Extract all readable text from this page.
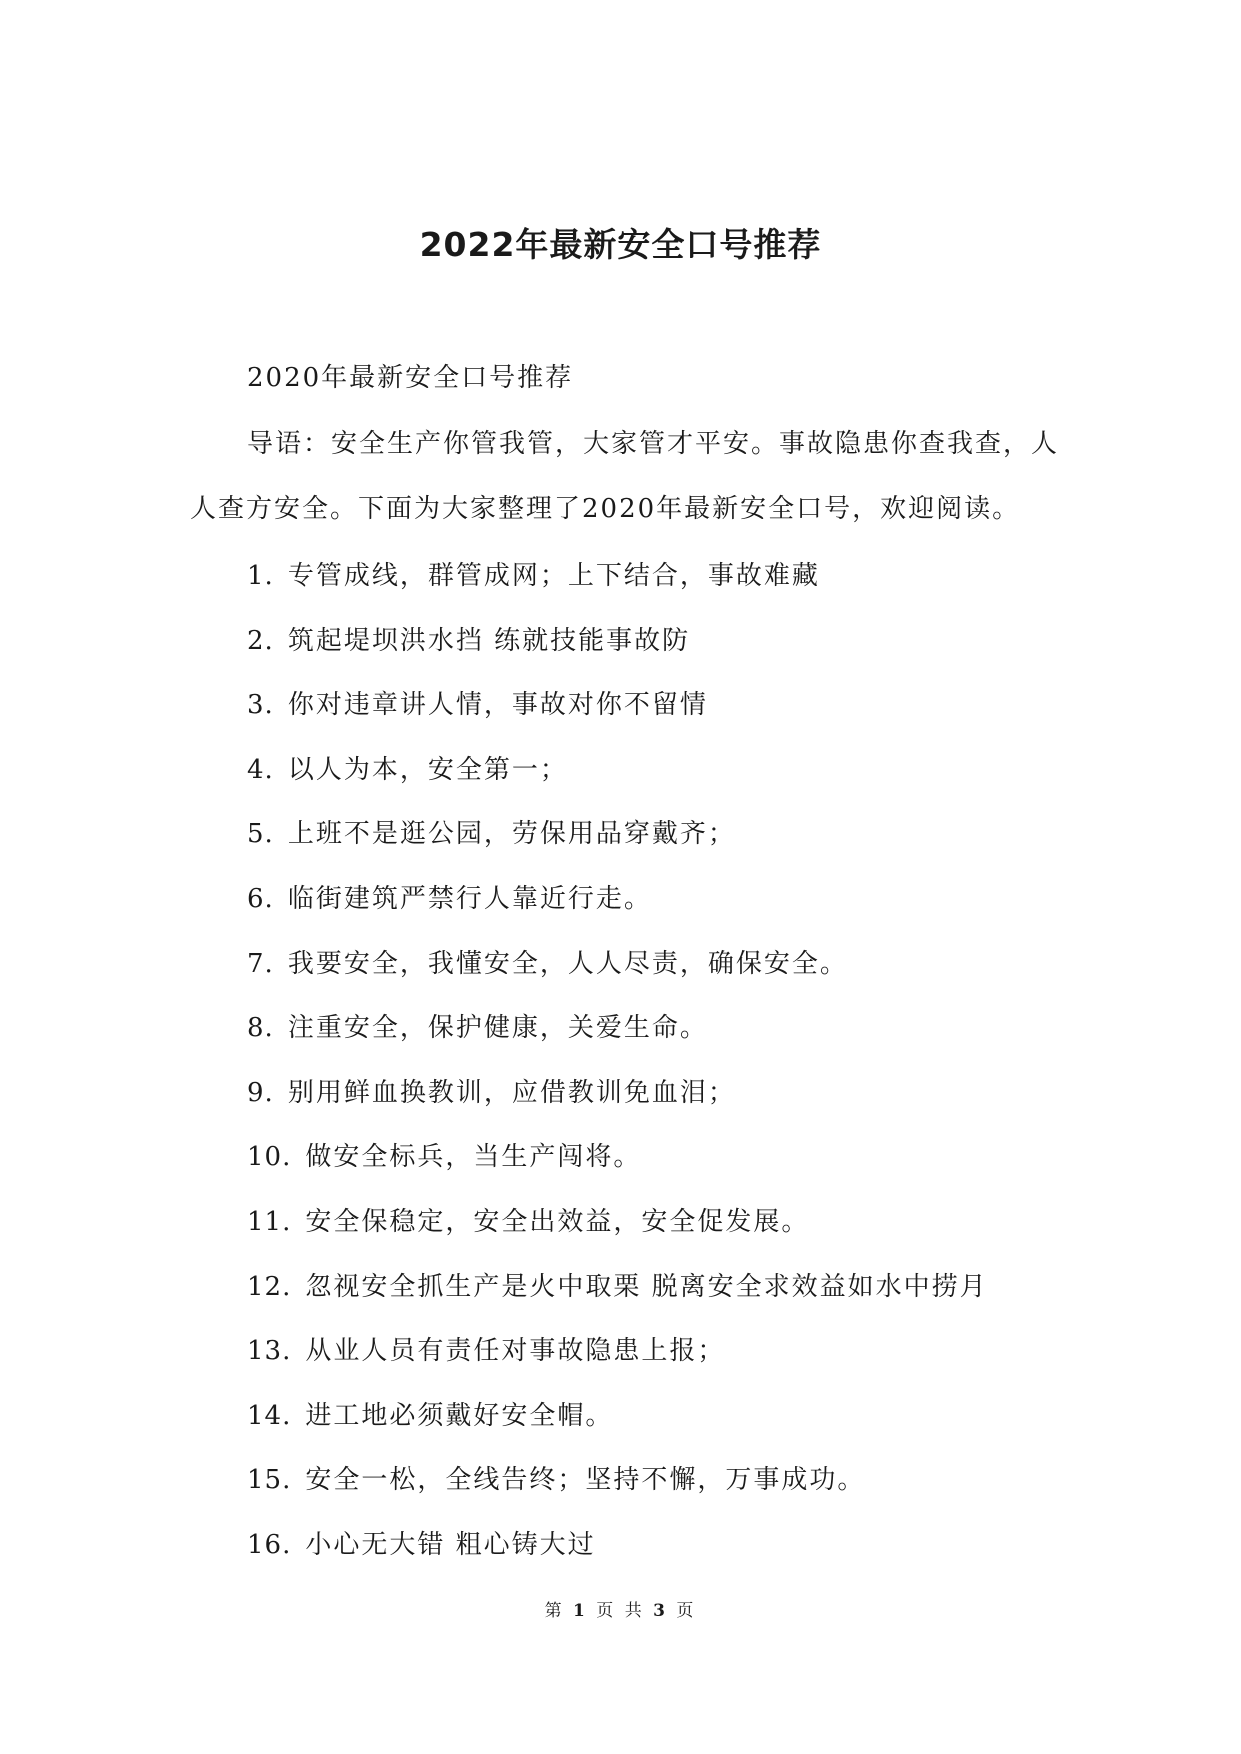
2022年最新安全口号推荐
2020年最新安全口号推荐
导语：安全生产你管我管，大家管才平安。事故隐患你查我查，人人查方安全。下面为大家整理了2020年最新安全口号，欢迎阅读。
1. 专管成线，群管成网；上下结合，事故难藏
2. 筑起堤坝洪水挡 练就技能事故防
3. 你对违章讲人情，事故对你不留情
4. 以人为本，安全第一；
5. 上班不是逛公园，劳保用品穿戴齐；
6. 临街建筑严禁行人靠近行走。
7. 我要安全，我懂安全，人人尽责，确保安全。
8. 注重安全，保护健康，关爱生命。
9. 别用鲜血换教训，应借教训免血泪；
10. 做安全标兵，当生产闯将。
11. 安全保稳定，安全出效益，安全促发展。
12. 忽视安全抓生产是火中取栗 脱离安全求效益如水中捞月
13. 从业人员有责任对事故隐患上报；
14. 进工地必须戴好安全帽。
15. 安全一松，全线告终；坚持不懈，万事成功。
16. 小心无大错 粗心铸大过
第 1 页 共 3 页
